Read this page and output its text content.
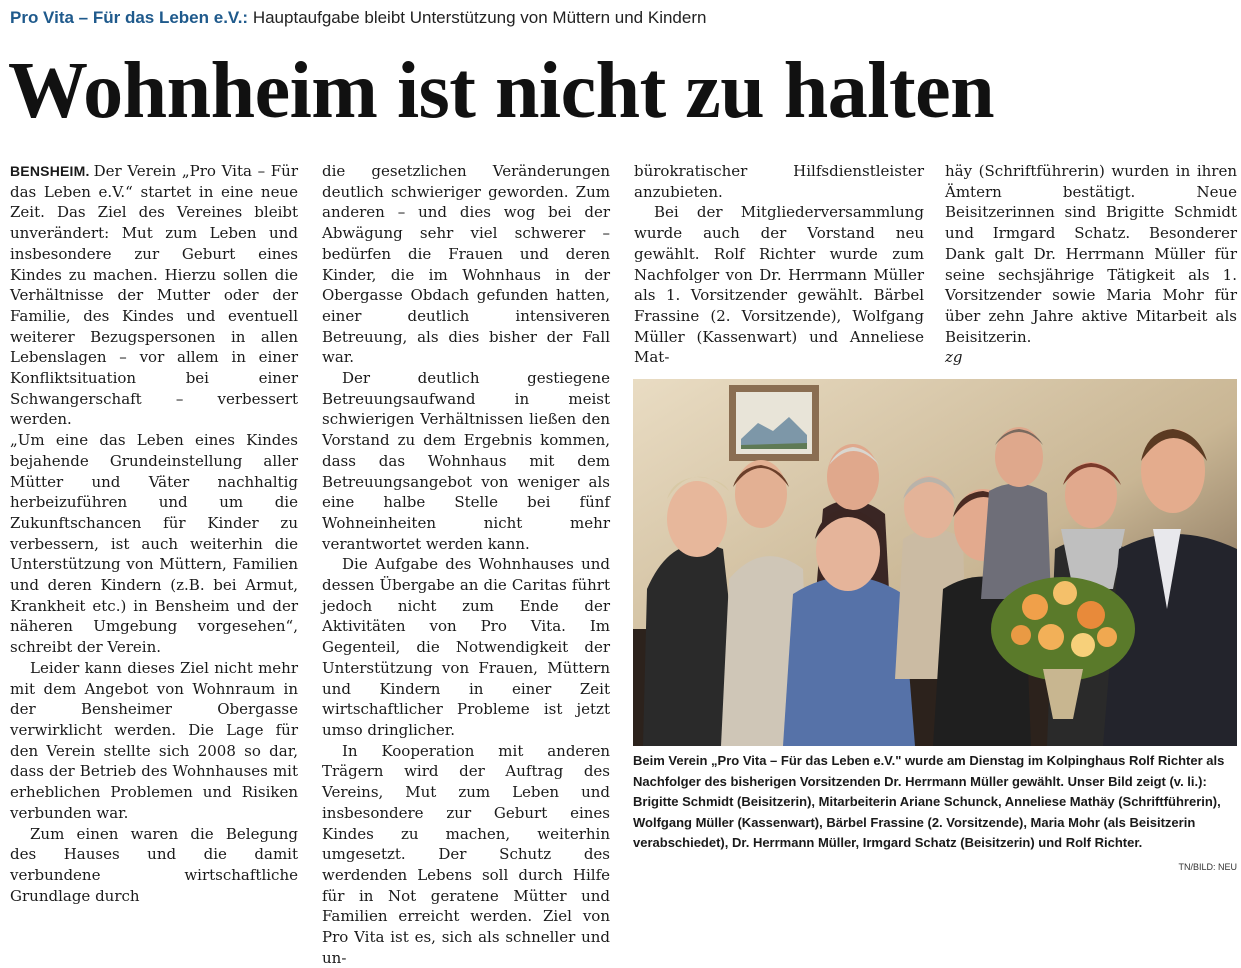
Pro Vita – Für das Leben e.V.: Hauptaufgabe bleibt Unterstützung von Müttern und Kindern
Wohnheim ist nicht zu halten

BENSHEIM. Der Verein „Pro Vita – Für das Leben e.V.“ startet in eine neue Zeit. Das Ziel des Vereines bleibt unverändert: Mut zum Leben und insbesondere zur Geburt eines Kindes zu machen. Hierzu sollen die Verhältnisse der Mutter oder der Familie, des Kindes und eventuell weiterer Bezugspersonen in allen Lebenslagen – vor allem in einer Konfliktsituation bei einer Schwangerschaft – verbessert werden.

„Um eine das Leben eines Kindes bejahende Grundeinstellung aller Mütter und Väter nachhaltig herbeizuführen und um die Zukunftschancen für Kinder zu verbessern, ist auch weiterhin die Unterstützung von Müttern, Familien und deren Kindern (z.B. bei Armut, Krankheit etc.) in Bensheim und der näheren Umgebung vorgesehen“, schreibt der Verein.

Leider kann dieses Ziel nicht mehr mit dem Angebot von Wohnraum in der Bensheimer Obergasse verwirklicht werden. Die Lage für den Verein stellte sich 2008 so dar, dass der Betrieb des Wohnhauses mit erheblichen Problemen und Risiken verbunden war.

Zum einen waren die Belegung des Hauses und die damit verbundene wirtschaftliche Grundlage durch

die gesetzlichen Veränderungen deutlich schwieriger geworden. Zum anderen – und dies wog bei der Abwägung sehr viel schwerer – bedürfen die Frauen und deren Kinder, die im Wohnhaus in der Obergasse Obdach gefunden hatten, einer deutlich intensiveren Betreuung, als dies bisher der Fall war.

Der deutlich gestiegene Betreuungsaufwand in meist schwierigen Verhältnissen ließen den Vorstand zu dem Ergebnis kommen, dass das Wohnhaus mit dem Betreuungsangebot von weniger als eine halbe Stelle bei fünf Wohneinheiten nicht mehr verantwortet werden kann.

Die Aufgabe des Wohnhauses und dessen Übergabe an die Caritas führt jedoch nicht zum Ende der Aktivitäten von Pro Vita. Im Gegenteil, die Notwendigkeit der Unterstützung von Frauen, Müttern und Kindern in einer Zeit wirtschaftlicher Probleme ist jetzt umso dringlicher.

In Kooperation mit anderen Trägern wird der Auftrag des Vereins, Mut zum Leben und insbesondere zur Geburt eines Kindes zu machen, weiterhin umgesetzt. Der Schutz des werdenden Lebens soll durch Hilfe für in Not geratene Mütter und Familien erreicht werden. Ziel von Pro Vita ist es, sich als schneller und un-

bürokratischer Hilfsdienstleister anzubieten.

Bei der Mitgliederversammlung wurde auch der Vorstand neu gewählt. Rolf Richter wurde zum Nachfolger von Dr. Herrmann Müller als 1. Vorsitzender gewählt. Bärbel Frassine (2. Vorsitzende), Wolfgang Müller (Kassenwart) und Anneliese Mat-

häy (Schriftführerin) wurden in ihren Ämtern bestätigt. Neue Beisitzerinnen sind Brigitte Schmidt und Irmgard Schatz. Besonderer Dank galt Dr. Herrmann Müller für seine sechsjährige Tätigkeit als 1. Vorsitzender sowie Maria Mohr für über zehn Jahre aktive Mitarbeit als Beisitzerin.

zg

Beim Verein „Pro Vita – Für das Leben e.V." wurde am Dienstag im Kolpinghaus Rolf Richter als Nachfolger des bisherigen Vorsitzenden Dr. Herrmann Müller gewählt. Unser Bild zeigt (v. li.): Brigitte Schmidt (Beisitzerin), Mitarbeiterin Ariane Schunck, Anneliese Mathäy (Schriftführerin), Wolfgang Müller (Kassenwart), Bärbel Frassine (2. Vorsitzende), Maria Mohr (als Beisitzerin verabschiedet), Dr. Herrmann Müller, Irmgard Schatz (Beisitzerin) und Rolf Richter.
TN/BILD: NEU
